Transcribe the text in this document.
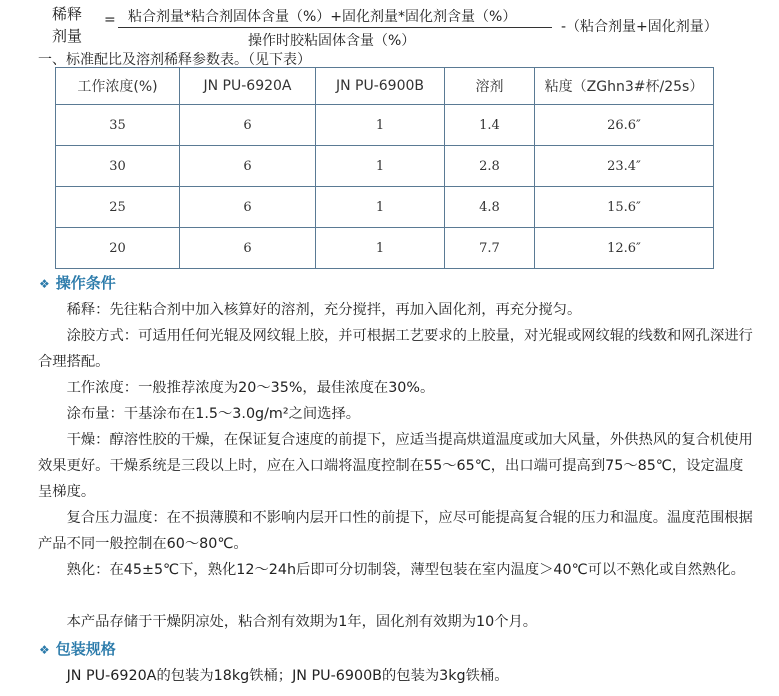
稀释
剂量
= 粘合剂量*粘合剂固体含量（%）+固化剂量*固化剂含量（%）
操作时胶粘固体含量（%）
-（粘合剂量+固化剂量）
一、标准配比及溶剂稀释参数表。（见下表）
工作浓度(%)	JN PU-6920A	JN PU-6900B	溶剂	粘度（ZGhn3#杯/25s）
35	6	1	1.4	26.6″
30	6	1	2.8	23.4″
25	6	1	4.8	15.6″
20	6	1	7.7	12.6″
❖ 操作条件
稀释：先往粘合剂中加入核算好的溶剂，充分搅拌，再加入固化剂，再充分搅匀。
涂胶方式：可适用任何光辊及网纹辊上胶，并可根据工艺要求的上胶量，对光辊或网纹辊的线数和网孔深进行合理搭配。
工作浓度：一般推荐浓度为20～35%，最佳浓度在30%。
涂布量：干基涂布在1.5～3.0g/m²之间选择。
干燥：醇溶性胶的干燥，在保证复合速度的前提下，应适当提高烘道温度或加大风量，外供热风的复合机使用效果更好。干燥系统是三段以上时，应在入口端将温度控制在55～65℃，出口端可提高到75～85℃，设定温度呈梯度。
复合压力温度：在不损薄膜和不影响内层开口性的前提下，应尽可能提高复合辊的压力和温度。温度范围根据产品不同一般控制在60～80℃。
熟化：在45±5℃下，熟化12～24h后即可分切制袋，薄型包装在室内温度＞40℃可以不熟化或自然熟化。
本产品存储于干燥阴凉处，粘合剂有效期为1年，固化剂有效期为10个月。
❖ 包装规格
JN PU-6920A的包装为18kg铁桶；JN PU-6900B的包装为3kg铁桶。
